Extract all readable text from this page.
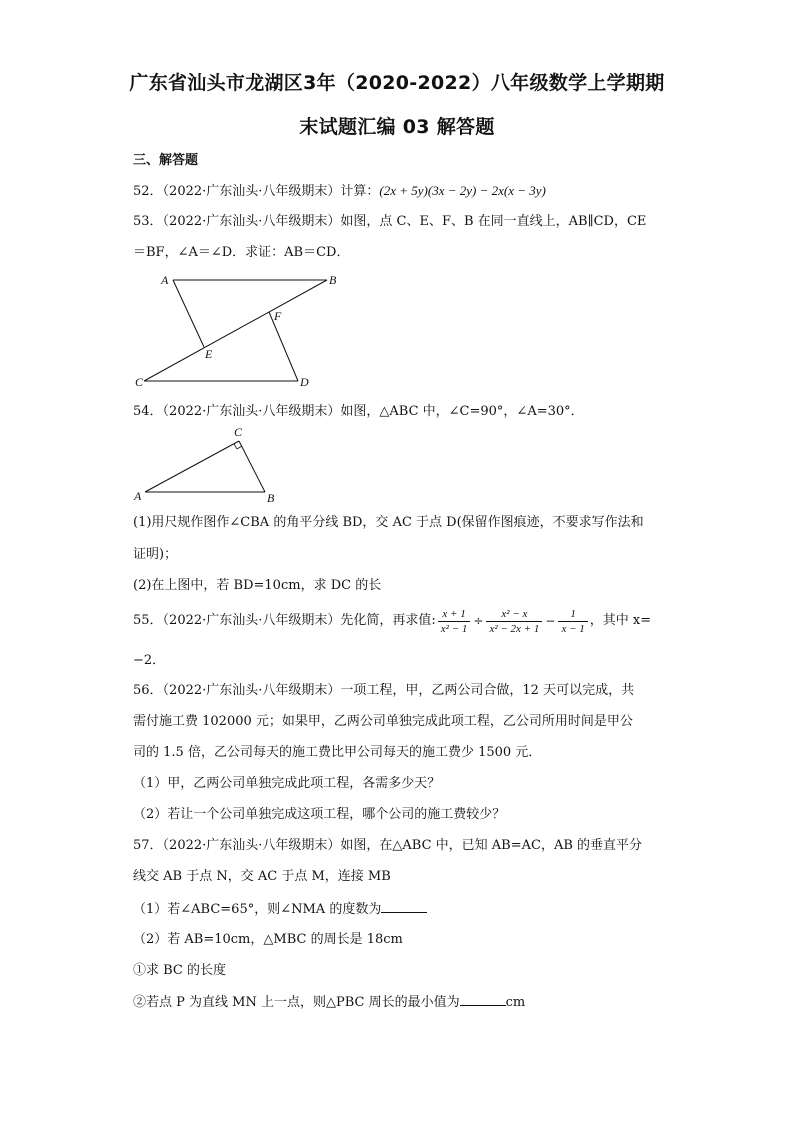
广东省汕头市龙湖区3年（2020-2022）八年级数学上学期期
末试题汇编 03 解答题
三、解答题
52．（2022·广东汕头·八年级期末）计算：(2x + 5y)(3x − 2y) − 2x(x − 3y)
53．（2022·广东汕头·八年级期末）如图，点 C、E、F、B 在同一直线上，AB∥CD，CE
＝BF，∠A＝∠D．求证：AB＝CD．
A	B
C	D
E
F
54．（2022·广东汕头·八年级期末）如图，△ABC 中，∠C=90°，∠A=30°．
A	B
C
(1)用尺规作图作∠CBA 的角平分线 BD，交 AC 于点 D(保留作图痕迹，不要求写作法和
证明)；
(2)在上图中，若 BD=10cm，求 DC 的长
55．（2022·广东汕头·八年级期末）先化简，再求值: $\frac{x + 1}{\text{x² − 1}} \div \frac{\text{x² − x}}{\text{x² − 2x + 1}} - \frac{1}{x - 1}$ ，其中 x=
−2．
56．（2022·广东汕头·八年级期末）一项工程，甲，乙两公司合做，12 天可以完成，共
需付施工费 102000 元；如果甲，乙两公司单独完成此项工程，乙公司所用时间是甲公
司的 1.5 倍，乙公司每天的施工费比甲公司每天的施工费少 1500 元．
（1）甲，乙两公司单独完成此项工程，各需多少天？
（2）若让一个公司单独完成这项工程，哪个公司的施工费较少？
57．（2022·广东汕头·八年级期末）如图，在△ABC 中，已知 AB=AC，AB 的垂直平分
线交 AB 于点 N，交 AC 于点 M，连接 MB
（1）若∠ABC=65°，则∠NMA 的度数为
（2）若 AB=10cm，△MBC 的周长是 18cm
①求 BC 的长度
②若点 P 为直线 MN 上一点，则△PBC 周长的最小值为	cm
